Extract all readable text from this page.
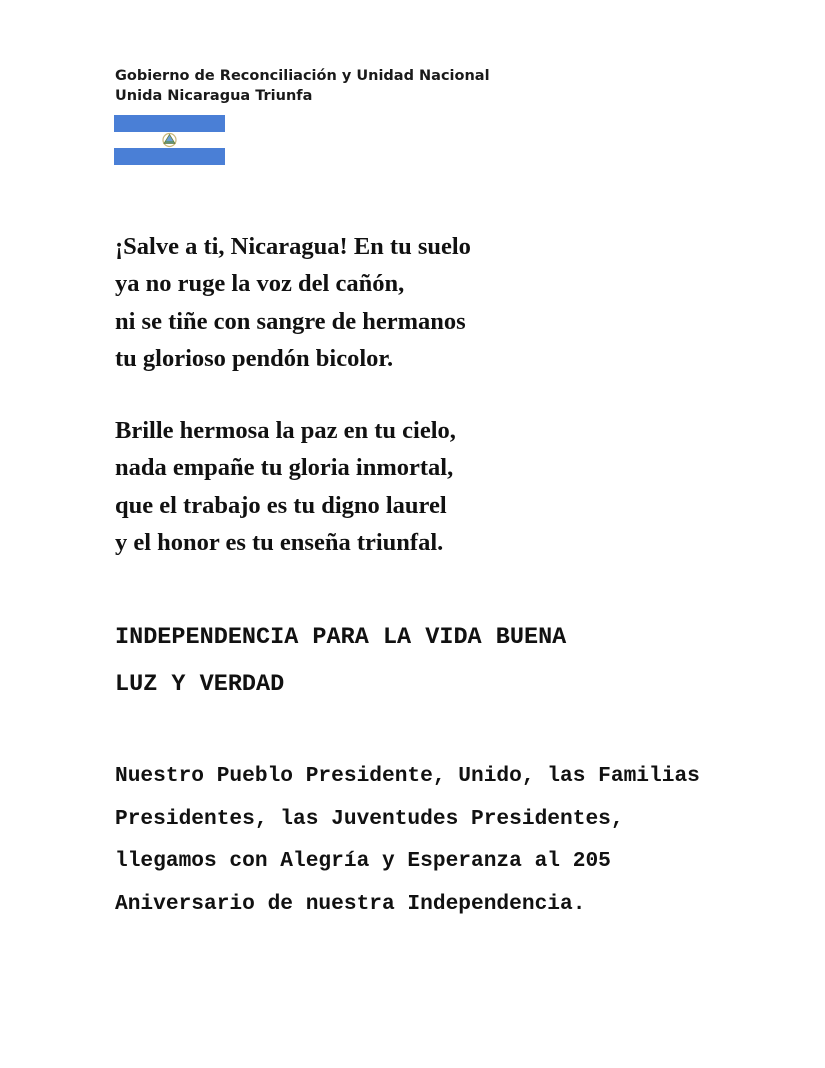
Gobierno de Reconciliación y Unidad Nacional
Unida Nicaragua Triunfa
¡Salve a ti, Nicaragua! En tu suelo
ya no ruge la voz del cañón,
ni se tiñe con sangre de hermanos
tu glorioso pendón bicolor.
Brille hermosa la paz en tu cielo,
nada empañe tu gloria inmortal,
que el trabajo es tu digno laurel
y el honor es tu enseña triunfal.
INDEPENDENCIA PARA LA VIDA BUENA
LUZ Y VERDAD
Nuestro Pueblo Presidente, Unido, las Familias
Presidentes, las Juventudes Presidentes,
llegamos con Alegría y Esperanza al 205
Aniversario de nuestra Independencia.
